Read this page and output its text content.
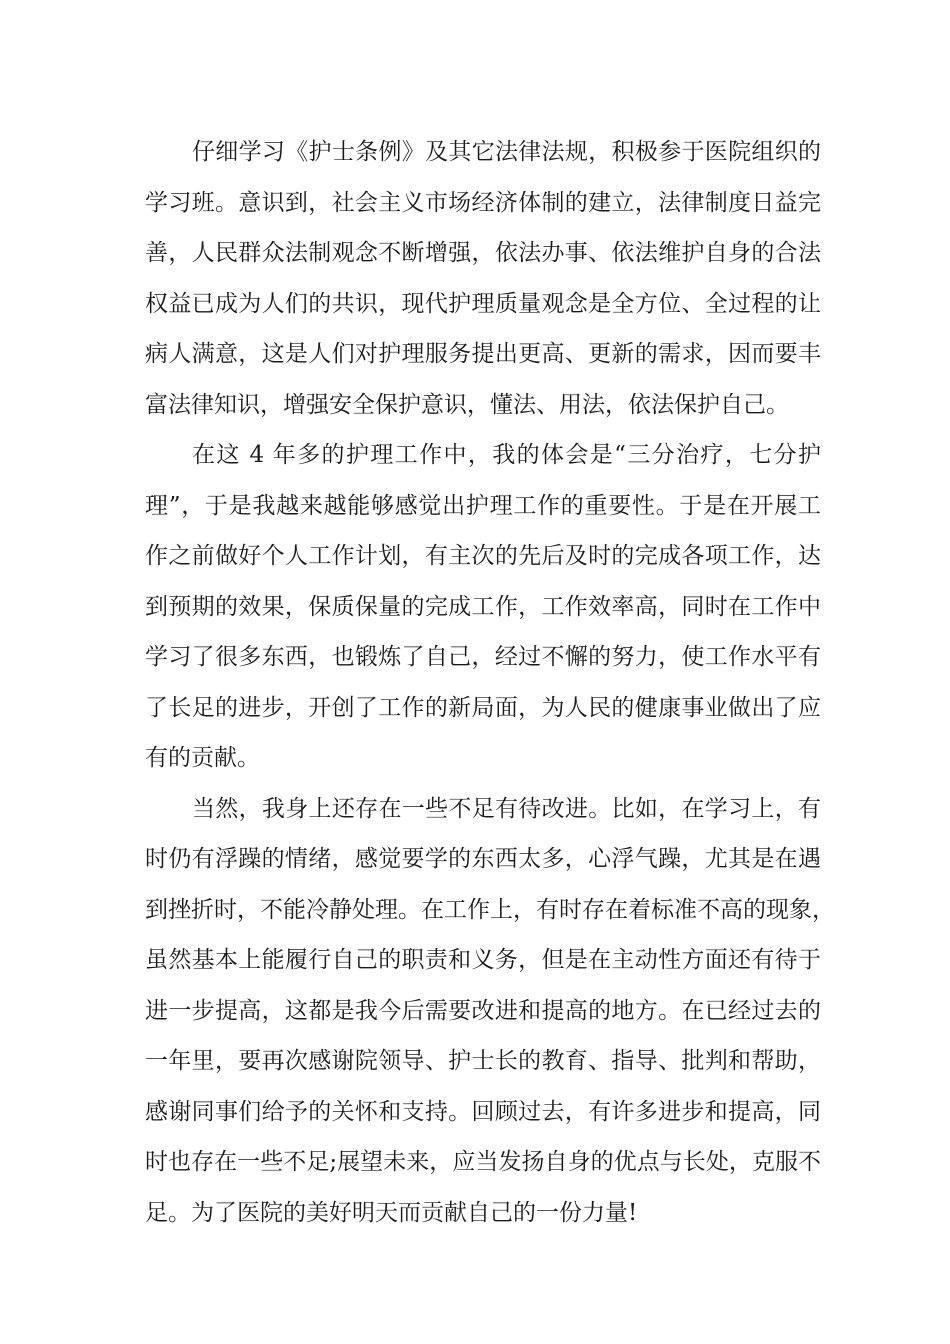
仔细学习《护士条例》及其它法律法规，积极参于医院组织的
学习班。意识到，社会主义市场经济体制的建立，法律制度日益完
善，人民群众法制观念不断增强，依法办事、依法维护自身的合法
权益已成为人们的共识，现代护理质量观念是全方位、全过程的让
病人满意，这是人们对护理服务提出更高、更新的需求，因而要丰
富法律知识，增强安全保护意识，懂法、用法，依法保护自己。
在这 4 年多的护理工作中，我的体会是“三分治疗，七分护
理”，于是我越来越能够感觉出护理工作的重要性。于是在开展工
作之前做好个人工作计划，有主次的先后及时的完成各项工作，达
到预期的效果，保质保量的完成工作，工作效率高，同时在工作中
学习了很多东西，也锻炼了自己，经过不懈的努力，使工作水平有
了长足的进步，开创了工作的新局面，为人民的健康事业做出了应
有的贡献。
当然，我身上还存在一些不足有待改进。比如，在学习上，有
时仍有浮躁的情绪，感觉要学的东西太多，心浮气躁，尤其是在遇
到挫折时，不能冷静处理。在工作上，有时存在着标准不高的现象，
虽然基本上能履行自己的职责和义务，但是在主动性方面还有待于
进一步提高，这都是我今后需要改进和提高的地方。在已经过去的
一年里，要再次感谢院领导、护士长的教育、指导、批判和帮助，
感谢同事们给予的关怀和支持。回顾过去，有许多进步和提高，同
时也存在一些不足;展望未来，应当发扬自身的优点与长处，克服不
足。为了医院的美好明天而贡献自己的一份力量!
